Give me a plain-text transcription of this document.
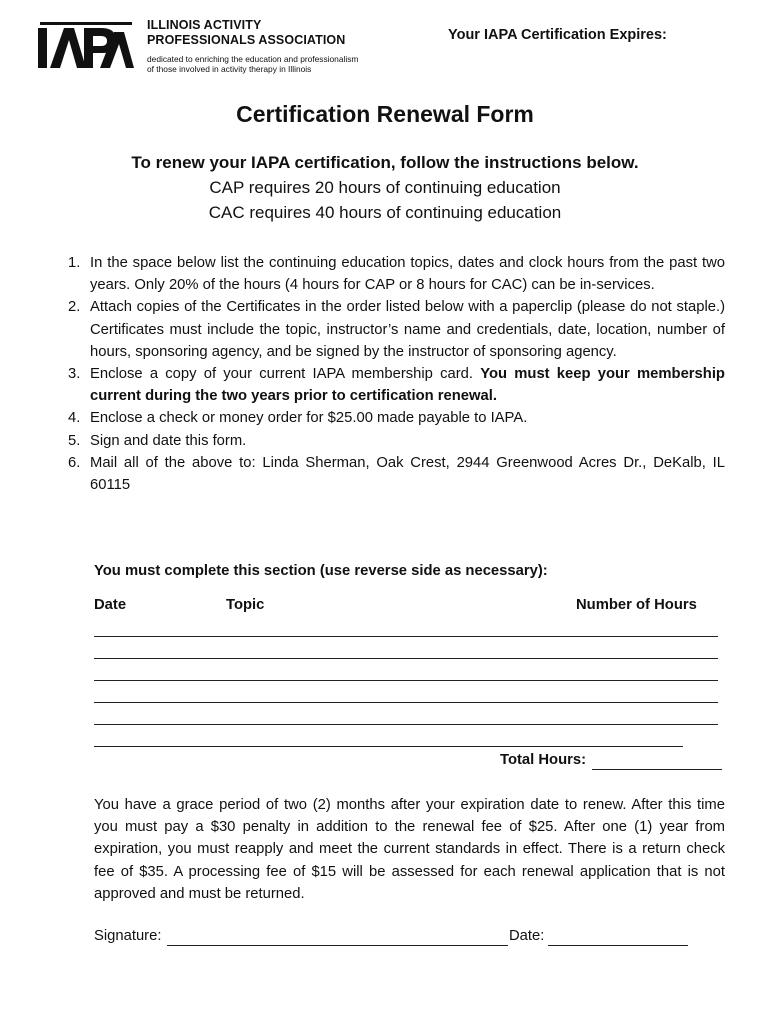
ILLINOIS ACTIVITY
PROFESSIONALS ASSOCIATION
dedicated to enriching the education and professionalism
of those involved in activity therapy in Illinois
Your IAPA Certification Expires:
Certification Renewal Form
To renew your IAPA certification, follow the instructions below.
CAP requires 20 hours of continuing education
CAC requires 40 hours of continuing education
1. In the space below list the continuing education topics, dates and clock hours from the past two years. Only 20% of the hours (4 hours for CAP or 8 hours for CAC) can be in-services.
2. Attach copies of the Certificates in the order listed below with a paperclip (please do not staple.) Certificates must include the topic, instructor’s name and credentials, date, location, number of hours, sponsoring agency, and be signed by the instructor of sponsoring agency.
3. Enclose a copy of your current IAPA membership card. You must keep your membership current during the two years prior to certification renewal.
4. Enclose a check or money order for $25.00 made payable to IAPA.
5. Sign and date this form.
6. Mail all of the above to: Linda Sherman, Oak Crest, 2944 Greenwood Acres Dr., DeKalb, IL 60115
You must complete this section (use reverse side as necessary):
Date	Topic	Number of Hours
Total Hours:
You have a grace period of two (2) months after your expiration date to renew. After this time you must pay a $30 penalty in addition to the renewal fee of $25. After one (1) year from expiration, you must reapply and meet the current standards in effect. There is a return check fee of $35. A processing fee of $15 will be assessed for each renewal application that is not approved and must be returned.
Signature:	Date:
